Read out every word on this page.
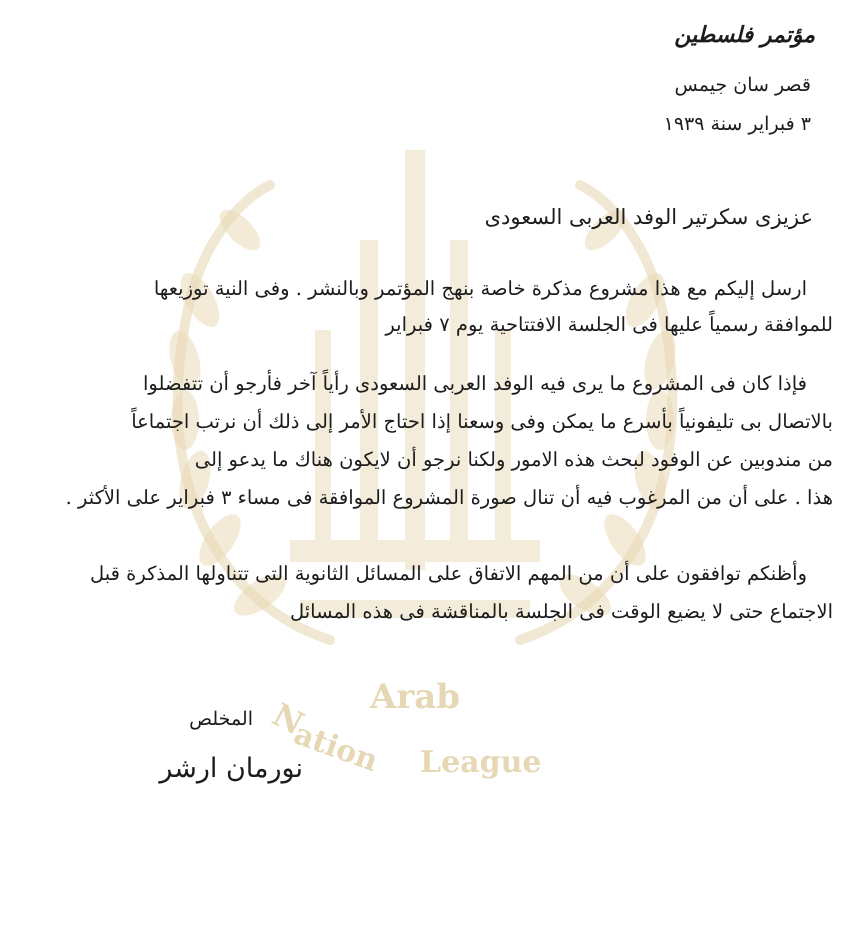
Arab
N
ation League
مؤتمر فلسطين
قصر سان جيمس
٣ فبراير سنة ١٩٣٩
عزيزى سكرتير الوفد العربى السعودى
ارسل إليكم مع هذا مشروع مذكرة خاصة بنهج المؤتمر وبالنشر . وفى النية توزيعها
للموافقة رسمياً عليها فى الجلسة الافتتاحية يوم ٧ فبراير
فإذا كان فى المشروع ما يرى فيه الوفد العربى السعودى رأياً آخر فأرجو أن تتفضلوا
بالاتصال بى تليفونياً بأسرع ما يمكن وفى وسعنا إذا احتاج الأمر إلى ذلك أن نرتب اجتماعاً
من مندوبين عن الوفود لبحث هذه الامور ولكنا نرجو أن لايكون هناك ما يدعو إلى
هذا . على أن من المرغوب فيه أن تنال صورة المشروع الموافقة فى مساء ٣ فبراير على الأكثر .
وأظنكم توافقون على أن من المهم الاتفاق على المسائل الثانوية التى تتناولها المذكرة قبل
الاجتماع حتى لا يضيع الوقت فى الجلسة بالمناقشة فى هذه المسائل
المخلص
نورمان ارشر
